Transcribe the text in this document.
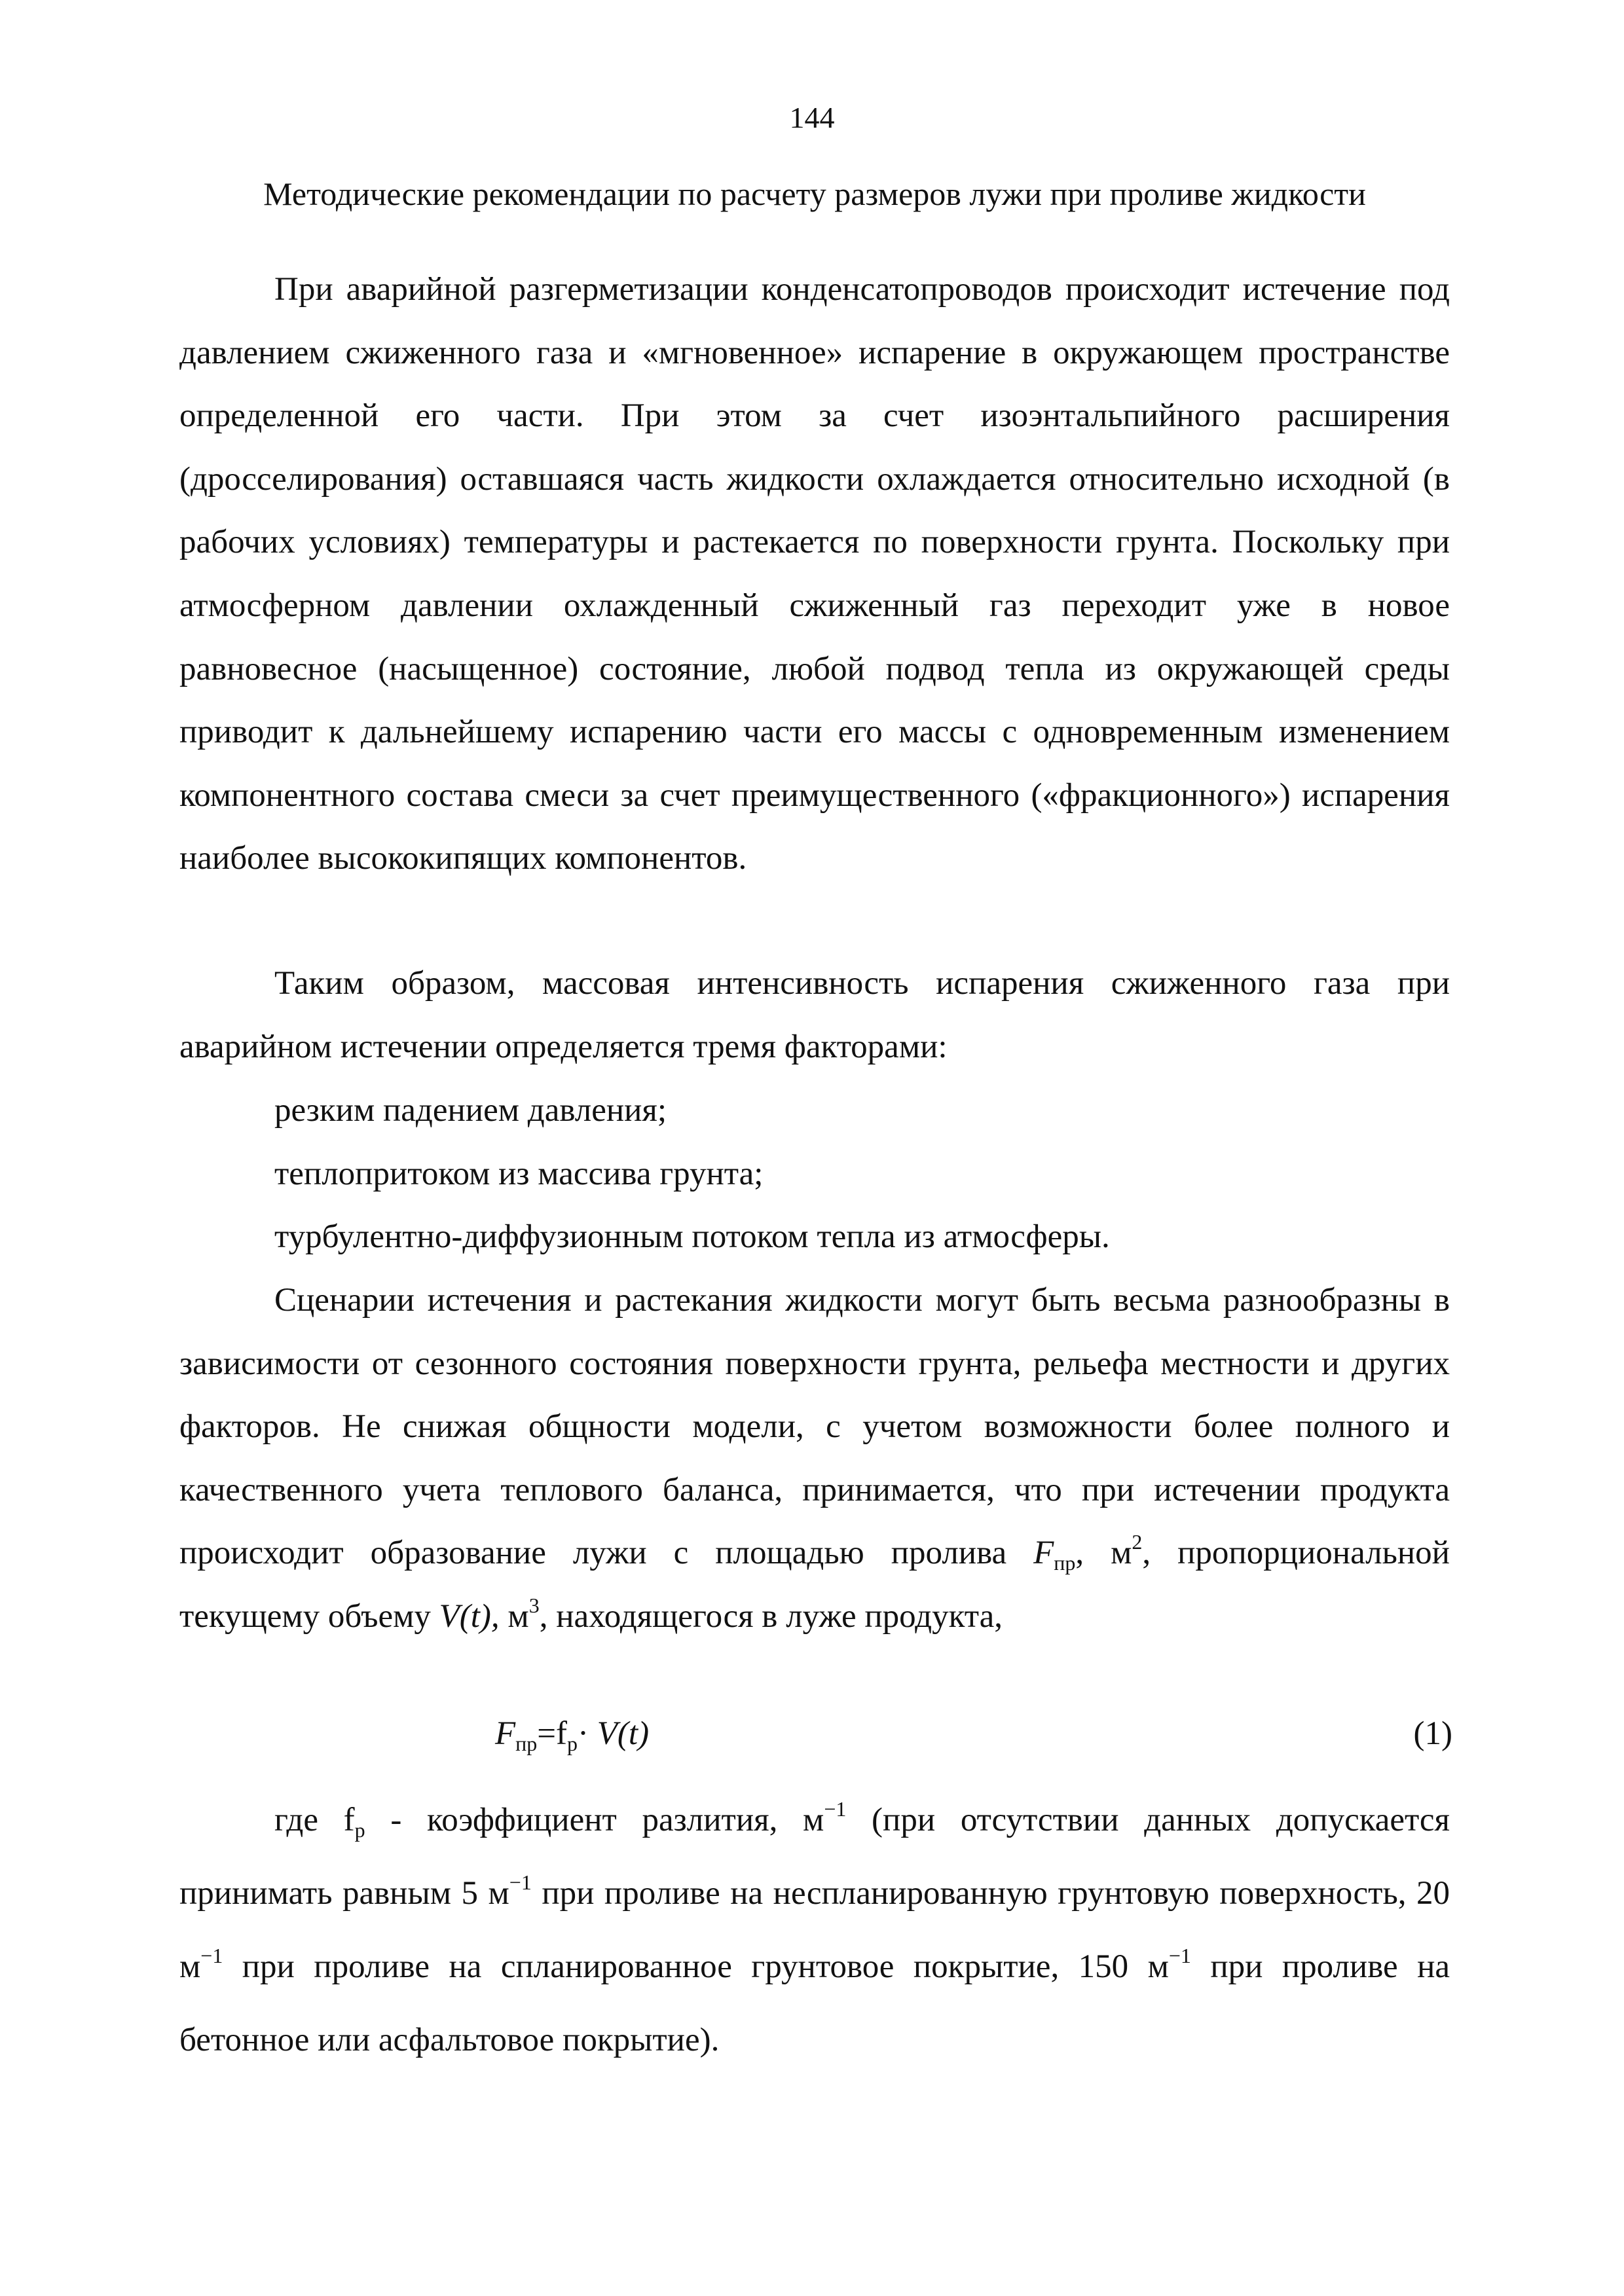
144
Методические рекомендации по расчету размеров лужи при проливе жидкости
При аварийной разгерметизации конденсатопроводов происходит истечение под давлением сжиженного газа и «мгновенное» испарение в окружающем пространстве определенной его части. При этом за счет изоэнтальпийного расширения (дросселирования) оставшаяся часть жидкости охлаждается относительно исходной (в рабочих условиях) температуры и растекается по поверхности грунта. Поскольку при атмосферном давлении охлажденный сжиженный газ переходит уже в новое равновесное (насыщенное) состояние, любой подвод тепла из окружающей среды приводит к дальнейшему испарению части его массы с одновременным изменением компонентного состава смеси за счет преимущественного («фракционного») испарения наиболее высококипящих компонентов.
Таким образом, массовая интенсивность испарения сжиженного газа при аварийном истечении определяется тремя факторами:
резким падением давления;
теплопритоком из массива грунта;
турбулентно-диффузионным потоком тепла из атмосферы.
Сценарии истечения и растекания жидкости могут быть весьма разнообразны в зависимости от сезонного состояния поверхности грунта, рельефа местности и других факторов. Не снижая общности модели, с учетом возможности более полного и качественного учета теплового баланса, принимается, что при истечении продукта происходит образование лужи с площадью пролива $F_{пр}$, $м^2$, пропорциональной текущему объему V(t), $м^3$, находящегося в луже продукта,
$F_{пр}=f_р\cdot V(t)$	(1)
где $f_р$ - коэффициент разлития, $м^{-1}$ (при отсутствии данных допускается принимать равным 5 $м^{-1}$ при проливе на неспланированную грунтовую поверхность, 20 $м^{-1}$ при проливе на спланированное грунтовое покрытие, 150 $м^{-1}$ при проливе на бетонное или асфальтовое покрытие).
